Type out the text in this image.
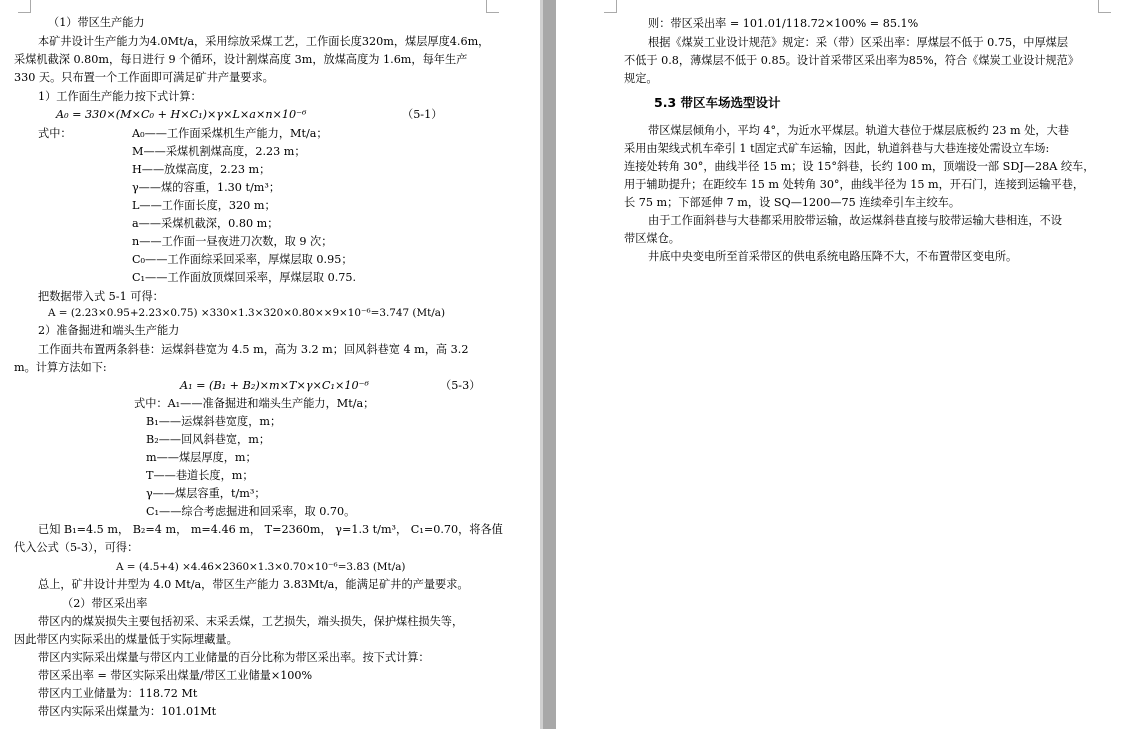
（1）带区生产能力
本矿井设计生产能力为4.0Mt/a，采用综放采煤工艺，工作面长度320m，煤层厚度4.6m，
采煤机截深 0.80m，每日进行 9 个循环，设计割煤高度 3m，放煤高度为 1.6m，每年生产
330 天。只布置一个工作面即可满足矿井产量要求。
1）工作面生产能力按下式计算：
A₀ = 330×(M×C₀ + H×C₁)×γ×L×a×n×10⁻⁶	（5-1）
式中：	A₀——工作面采煤机生产能力，Mt/a；
M——采煤机割煤高度，2.23 m；
H——放煤高度，2.23 m；
γ——煤的容重，1.30 t/m³；
L——工作面长度，320 m；
a——采煤机截深，0.80 m；
n——工作面一昼夜进刀次数，取 9 次；
C₀——工作面综采回采率，厚煤层取 0.95；
C₁——工作面放顶煤回采率，厚煤层取 0.75.
把数据带入式 5-1 可得：
A = (2.23×0.95+2.23×0.75) ×330×1.3×320×0.80××9×10⁻⁶=3.747 (Mt/a)
2）准备掘进和端头生产能力
工作面共布置两条斜巷：运煤斜巷宽为 4.5 m，高为 3.2 m；回风斜巷宽 4 m，高 3.2
m。计算方法如下:
A₁ = (B₁ + B₂)×m×T×γ×C₁×10⁻⁶	（5-3）
式中：A₁——准备掘进和端头生产能力，Mt/a；
B₁——运煤斜巷宽度，m；
B₂——回风斜巷宽，m；
m——煤层厚度，m；
T——巷道长度，m；
γ——煤层容重，t/m³；
C₁——综合考虑掘进和回采率，取 0.70。
已知 B₁=4.5 m， B₂=4 m， m=4.46 m， T=2360m， γ=1.3 t/m³， C₁=0.70，将各值
代入公式（5-3），可得：
A = (4.5+4) ×4.46×2360×1.3×0.70×10⁻⁶=3.83 (Mt/a)
总上，矿井设计井型为 4.0 Mt/a，带区生产能力 3.83Mt/a，能满足矿井的产量要求。
（2）带区采出率
带区内的煤炭损失主要包括初采、末采丢煤，工艺损失，端头损失，保护煤柱损失等，
因此带区内实际采出的煤量低于实际埋藏量。
带区内实际采出煤量与带区内工业储量的百分比称为带区采出率。按下式计算：
带区采出率 = 带区实际采出煤量/带区工业储量×100%
带区内工业储量为：118.72 Mt
带区内实际采出煤量为：101.01Mt
则：带区采出率 = 101.01/118.72×100% = 85.1%
根据《煤炭工业设计规范》规定：采（带）区采出率：厚煤层不低于 0.75，中厚煤层
不低于 0.8，薄煤层不低于 0.85。设计首采带区采出率为85%，符合《煤炭工业设计规范》
规定。
5.3 带区车场选型设计
带区煤层倾角小，平均 4°，为近水平煤层。轨道大巷位于煤层底板约 23 m 处，大巷
采用由架线式机车牵引 1 t固定式矿车运输，因此，轨道斜巷与大巷连接处需设立车场:
连接处转角 30°，曲线半径 15 m；设 15°斜巷，长约 100 m，顶端设一部 SDJ—28A 绞车，
用于辅助提升；在距绞车 15 m 处转角 30°，曲线半径为 15 m，开石门，连接到运输平巷，
长 75 m；下部延伸 7 m，设 SQ—1200—75 连续牵引车主绞车。
由于工作面斜巷与大巷都采用胶带运输，故运煤斜巷直接与胶带运输大巷相连，不设
带区煤仓。
井底中央变电所至首采带区的供电系统电路压降不大，不布置带区变电所。
